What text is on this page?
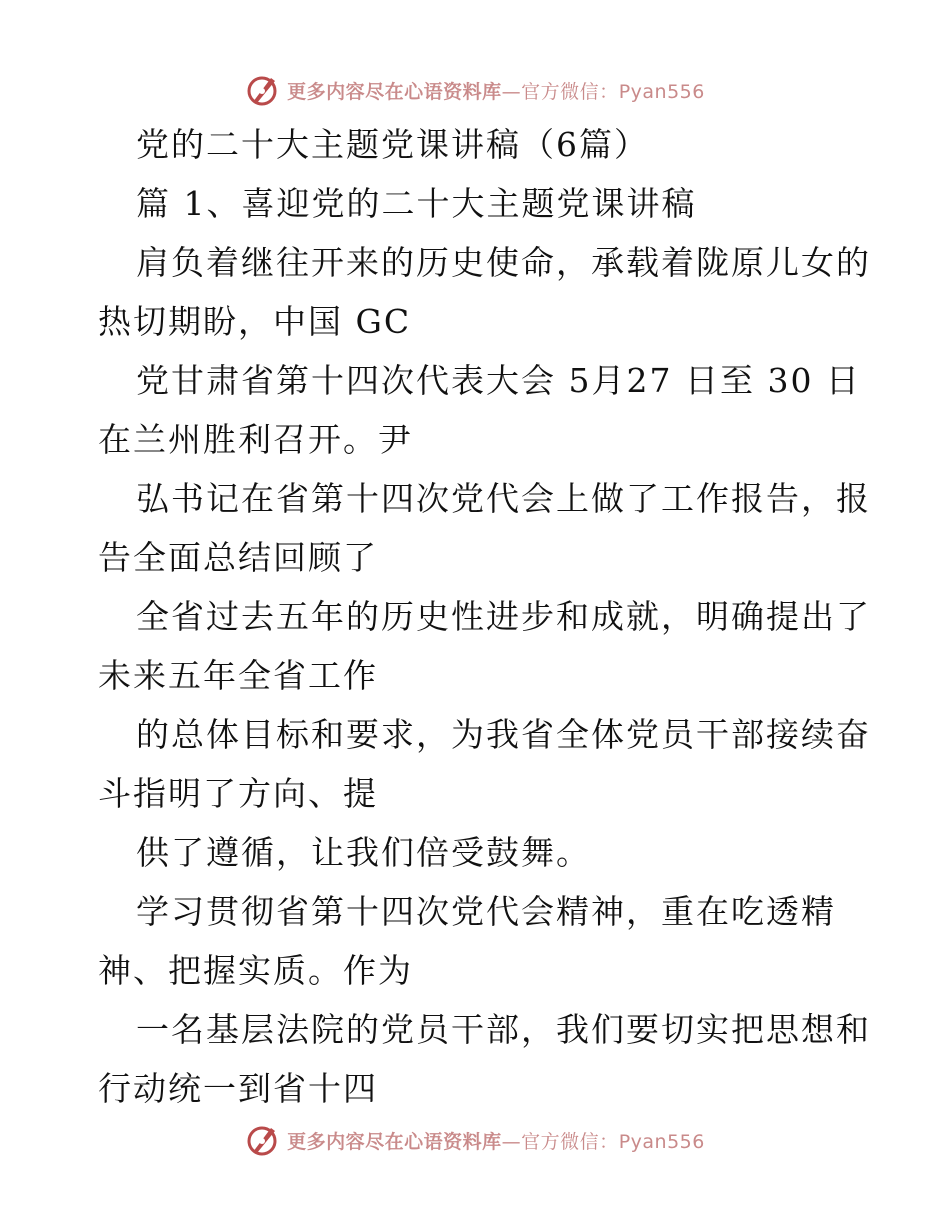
更多内容尽在心语资料库—官方微信：Pyan556
党的二十大主题党课讲稿（6篇）
篇 1、喜迎党的二十大主题党课讲稿
肩负着继往开来的历史使命，承载着陇原儿女的
热切期盼，中国 GC
党甘肃省第十四次代表大会 5月27 日至 30 日
在兰州胜利召开。尹
弘书记在省第十四次党代会上做了工作报告，报
告全面总结回顾了
全省过去五年的历史性进步和成就，明确提出了
未来五年全省工作
的总体目标和要求，为我省全体党员干部接续奋
斗指明了方向、提
供了遵循，让我们倍受鼓舞。
学习贯彻省第十四次党代会精神，重在吃透精
神、把握实质。作为
一名基层法院的党员干部，我们要切实把思想和
行动统一到省十四
更多内容尽在心语资料库—官方微信：Pyan556
